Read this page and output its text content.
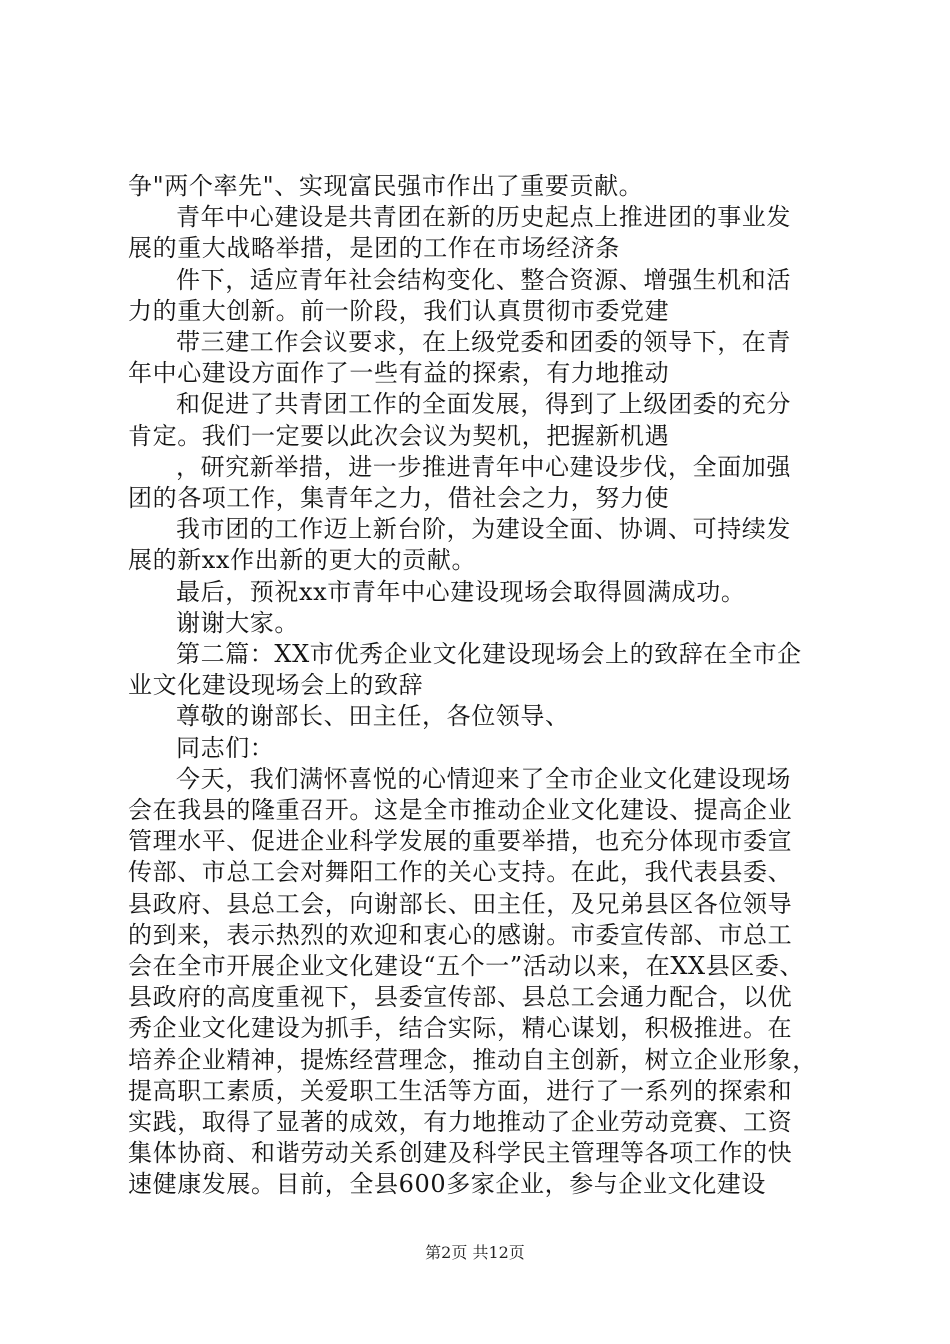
争"两个率先"、实现富民强市作出了重要贡献。
青年中心建设是共青团在新的历史起点上推进团的事业发
展的重大战略举措，是团的工作在市场经济条
件下，适应青年社会结构变化、整合资源、增强生机和活
力的重大创新。前一阶段，我们认真贯彻市委党建
带三建工作会议要求，在上级党委和团委的领导下，在青
年中心建设方面作了一些有益的探索，有力地推动
和促进了共青团工作的全面发展，得到了上级团委的充分
肯定。我们一定要以此次会议为契机，把握新机遇
，研究新举措，进一步推进青年中心建设步伐，全面加强
团的各项工作，集青年之力，借社会之力，努力使
我市团的工作迈上新台阶，为建设全面、协调、可持续发
展的新xx作出新的更大的贡献。
最后，预祝xx市青年中心建设现场会取得圆满成功。
谢谢大家。
第二篇：XX市优秀企业文化建设现场会上的致辞在全市企
业文化建设现场会上的致辞
尊敬的谢部长、田主任，各位领导、
同志们：
今天，我们满怀喜悦的心情迎来了全市企业文化建设现场
会在我县的隆重召开。这是全市推动企业文化建设、提高企业
管理水平、促进企业科学发展的重要举措，也充分体现市委宣
传部、市总工会对舞阳工作的关心支持。在此，我代表县委、
县政府、县总工会，向谢部长、田主任，及兄弟县区各位领导
的到来，表示热烈的欢迎和衷心的感谢。市委宣传部、市总工
会在全市开展企业文化建设“五个一”活动以来，在XX县区委、
县政府的高度重视下，县委宣传部、县总工会通力配合，以优
秀企业文化建设为抓手，结合实际，精心谋划，积极推进。在
培养企业精神，提炼经营理念，推动自主创新，树立企业形象，
提高职工素质，关爱职工生活等方面，进行了一系列的探索和
实践，取得了显著的成效，有力地推动了企业劳动竞赛、工资
集体协商、和谐劳动关系创建及科学民主管理等各项工作的快
速健康发展。目前，全县600多家企业，参与企业文化建设
第2页 共12页
